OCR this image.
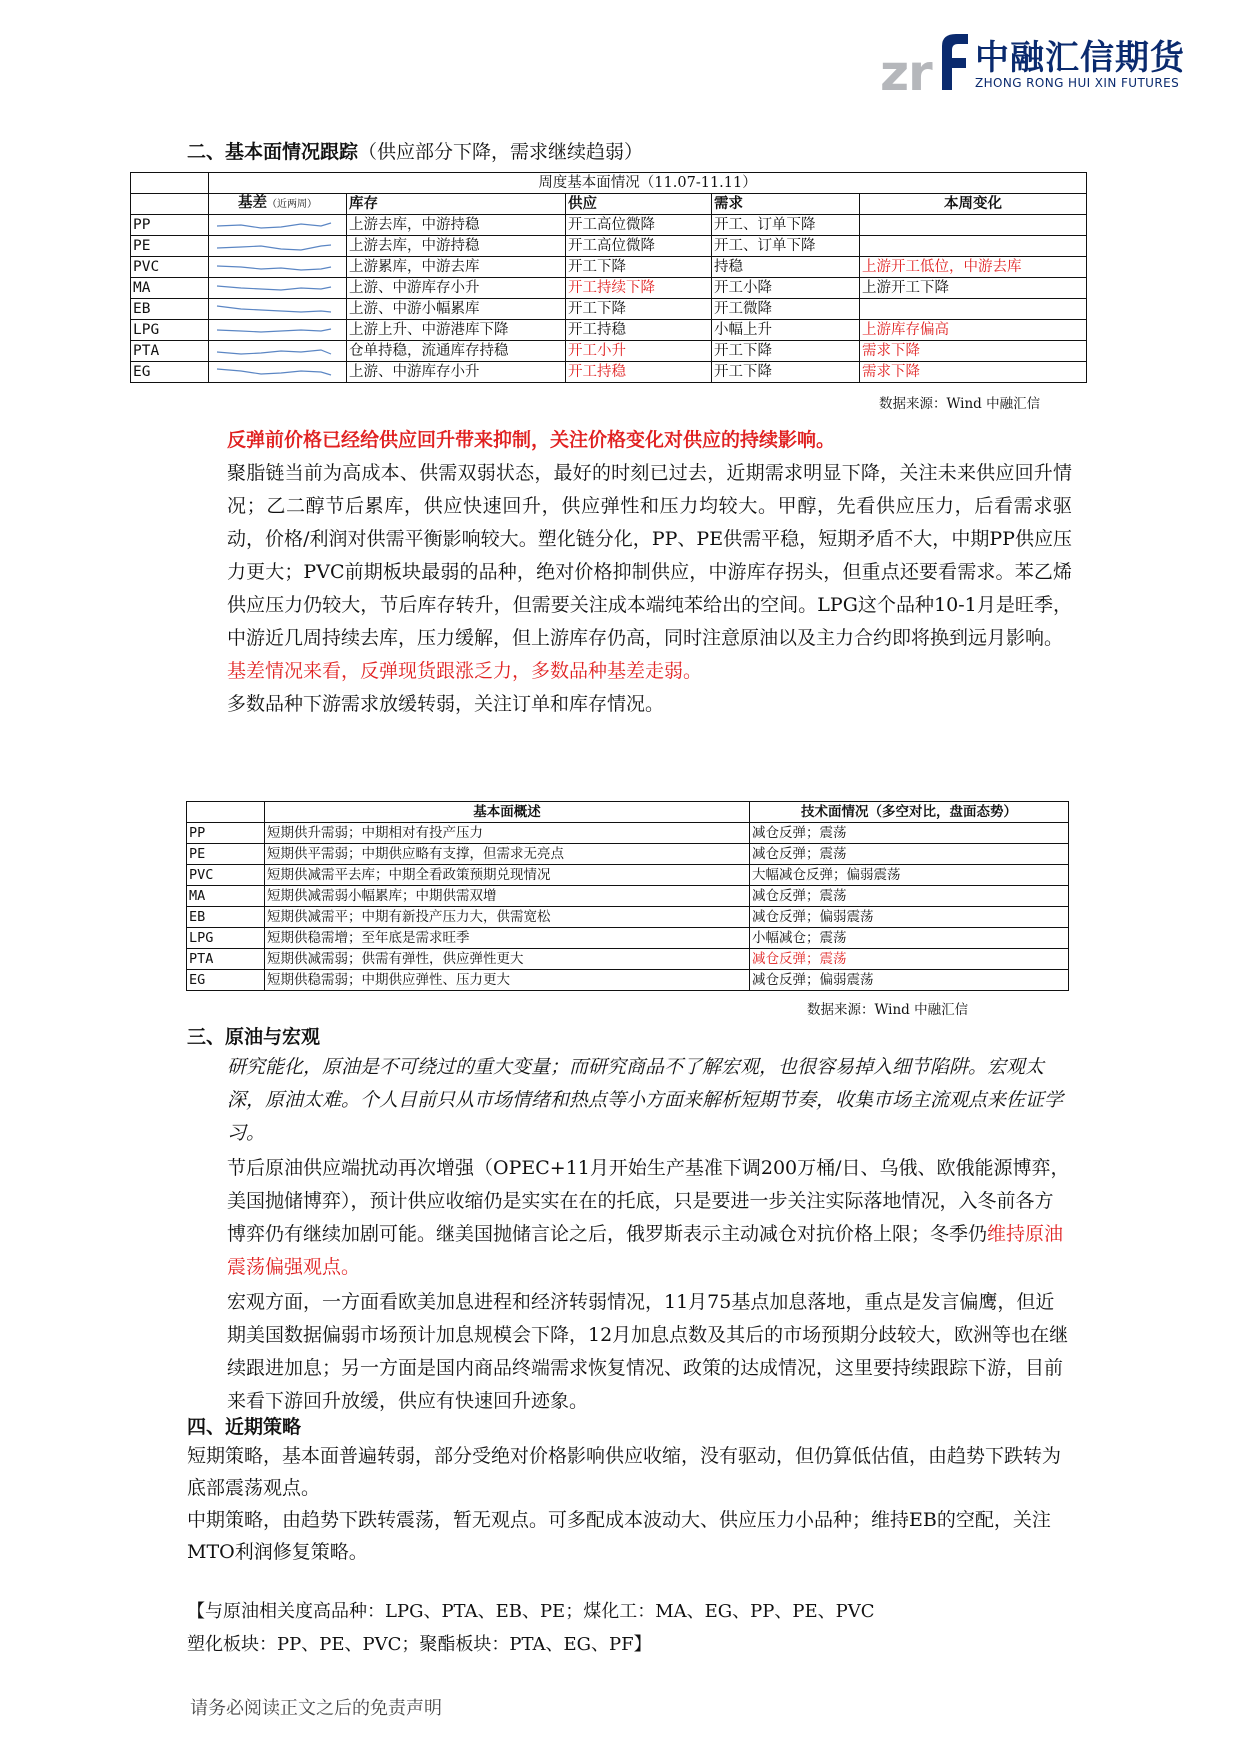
z
r 中融汇信期货
ZHONG RONG HUI XIN FUTURES
二、基本面情况跟踪（供应部分下降，需求继续趋弱）
	周度基本面情况（11.07-11.11）				
	基差（近两周）	库存	供应	需求	本周变化
PP		上游去库，中游持稳	开工高位微降	开工、订单下降	
PE		上游去库，中游持稳	开工高位微降	开工、订单下降	
PVC		上游累库，中游去库	开工下降	持稳	上游开工低位，中游去库
MA		上游、中游库存小升	开工持续下降	开工小降	上游开工下降
EB		上游、中游小幅累库	开工下降	开工微降	
LPG		上游上升、中游港库下降	开工持稳	小幅上升	上游库存偏高
PTA		仓单持稳，流通库存持稳	开工小升	开工下降	需求下降
EG		上游、中游库存小升	开工持稳	开工下降	需求下降
数据来源：Wind 中融汇信
反弹前价格已经给供应回升带来抑制，关注价格变化对供应的持续影响。
聚脂链当前为高成本、供需双弱状态，最好的时刻已过去，近期需求明显下降，关注未来供应回升情况；乙二醇节后累库，供应快速回升，供应弹性和压力均较大。甲醇，先看供应压力，后看需求驱动，价格/利润对供需平衡影响较大。塑化链分化，PP、PE供需平稳，短期矛盾不大，中期PP供应压力更大；PVC前期板块最弱的品种，绝对价格抑制供应，中游库存拐头，但重点还要看需求。苯乙烯供应压力仍较大，节后库存转升，但需要关注成本端纯苯给出的空间。LPG这个品种10-1月是旺季，中游近几周持续去库，压力缓解，但上游库存仍高，同时注意原油以及主力合约即将换到远月影响。
基差情况来看，反弹现货跟涨乏力，多数品种基差走弱。
多数品种下游需求放缓转弱，关注订单和库存情况。
	基本面概述	技术面情况（多空对比，盘面态势）
PP	短期供升需弱；中期相对有投产压力	减仓反弹；震荡
PE	短期供平需弱；中期供应略有支撑，但需求无亮点	减仓反弹；震荡
PVC	短期供减需平去库；中期全看政策预期兑现情况	大幅减仓反弹；偏弱震荡
MA	短期供减需弱小幅累库；中期供需双增	减仓反弹；震荡
EB	短期供减需平；中期有新投产压力大，供需宽松	减仓反弹；偏弱震荡
LPG	短期供稳需增；至年底是需求旺季	小幅减仓；震荡
PTA	短期供减需弱；供需有弹性，供应弹性更大	减仓反弹；震荡
EG	短期供稳需弱；中期供应弹性、压力更大	减仓反弹；偏弱震荡
数据来源：Wind 中融汇信
三、原油与宏观
研究能化，原油是不可绕过的重大变量；而研究商品不了解宏观，也很容易掉入细节陷阱。宏观太深，原油太难。个人目前只从市场情绪和热点等小方面来解析短期节奏，收集市场主流观点来佐证学习。
节后原油供应端扰动再次增强（OPEC+11月开始生产基准下调200万桶/日、乌俄、欧俄能源博弈，美国抛储博弈），预计供应收缩仍是实实在在的托底，只是要进一步关注实际落地情况，入冬前各方博弈仍有继续加剧可能。继美国抛储言论之后，俄罗斯表示主动减仓对抗价格上限；冬季仍维持原油震荡偏强观点。
宏观方面，一方面看欧美加息进程和经济转弱情况，11月75基点加息落地，重点是发言偏鹰，但近期美国数据偏弱市场预计加息规模会下降，12月加息点数及其后的市场预期分歧较大，欧洲等也在继续跟进加息；另一方面是国内商品终端需求恢复情况、政策的达成情况，这里要持续跟踪下游，目前来看下游回升放缓，供应有快速回升迹象。
四、近期策略
短期策略，基本面普遍转弱，部分受绝对价格影响供应收缩，没有驱动，但仍算低估值，由趋势下跌转为底部震荡观点。
中期策略，由趋势下跌转震荡，暂无观点。可多配成本波动大、供应压力小品种；维持EB的空配，关注MTO利润修复策略。
【与原油相关度高品种：LPG、PTA、EB、PE；煤化工：MA、EG、PP、PE、PVC
塑化板块：PP、PE、PVC；聚酯板块：PTA、EG、PF】
请务必阅读正文之后的免责声明
